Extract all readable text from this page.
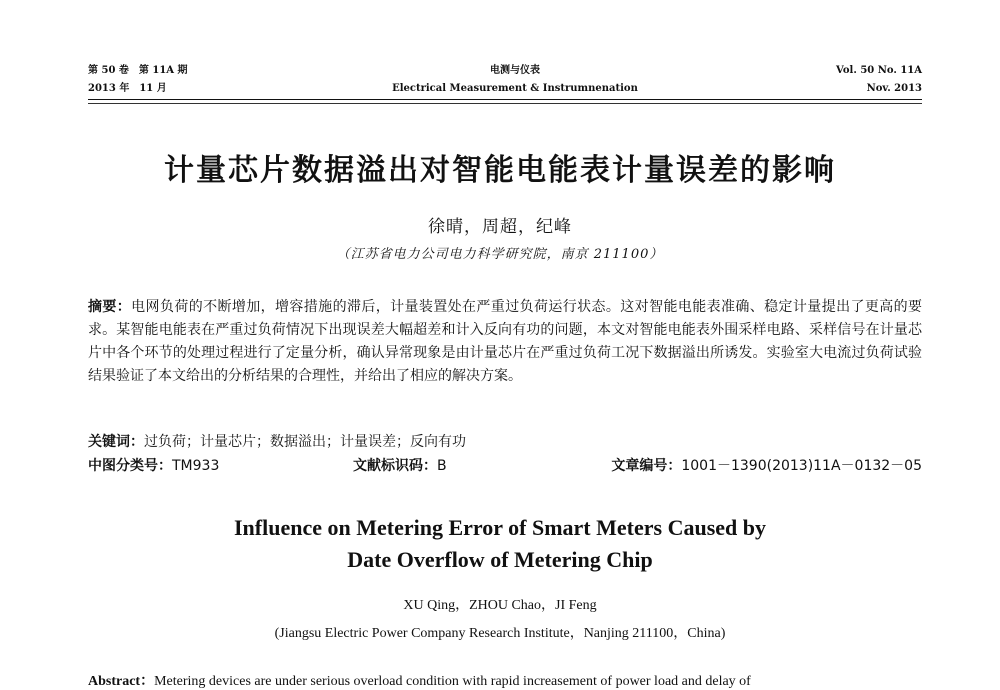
第 50 卷　第 11A 期
2013 年　11 月
电测与仪表
Electrical Measurement & Instrumnenation
Vol. 50 No. 11A
Nov. 2013
计量芯片数据溢出对智能电能表计量误差的影响
徐晴，周超，纪峰
（江苏省电力公司电力科学研究院，南京 211100）
摘要：电网负荷的不断增加，增容措施的滞后，计量装置处在严重过负荷运行状态。这对智能电能表准确、稳定计量提出了更高的要求。某智能电能表在严重过负荷情况下出现误差大幅超差和计入反向有功的问题，本文对智能电能表外围采样电路、采样信号在计量芯片中各个环节的处理过程进行了定量分析，确认异常现象是由计量芯片在严重过负荷工况下数据溢出所诱发。实验室大电流过负荷试验结果验证了本文给出的分析结果的合理性，并给出了相应的解决方案。
关键词：过负荷；计量芯片；数据溢出；计量误差；反向有功
中图分类号：TM933	文献标识码：B	文章编号：1001－1390(2013)11A－0132－05
Influence on Metering Error of Smart Meters Caused by
Date Overflow of Metering Chip
XU Qing，ZHOU Chao，JI Feng
(Jiangsu Electric Power Company Research Institute，Nanjing 211100，China)
Abstract：Metering devices are under serious overload condition with rapid increasement of power load and delay of
